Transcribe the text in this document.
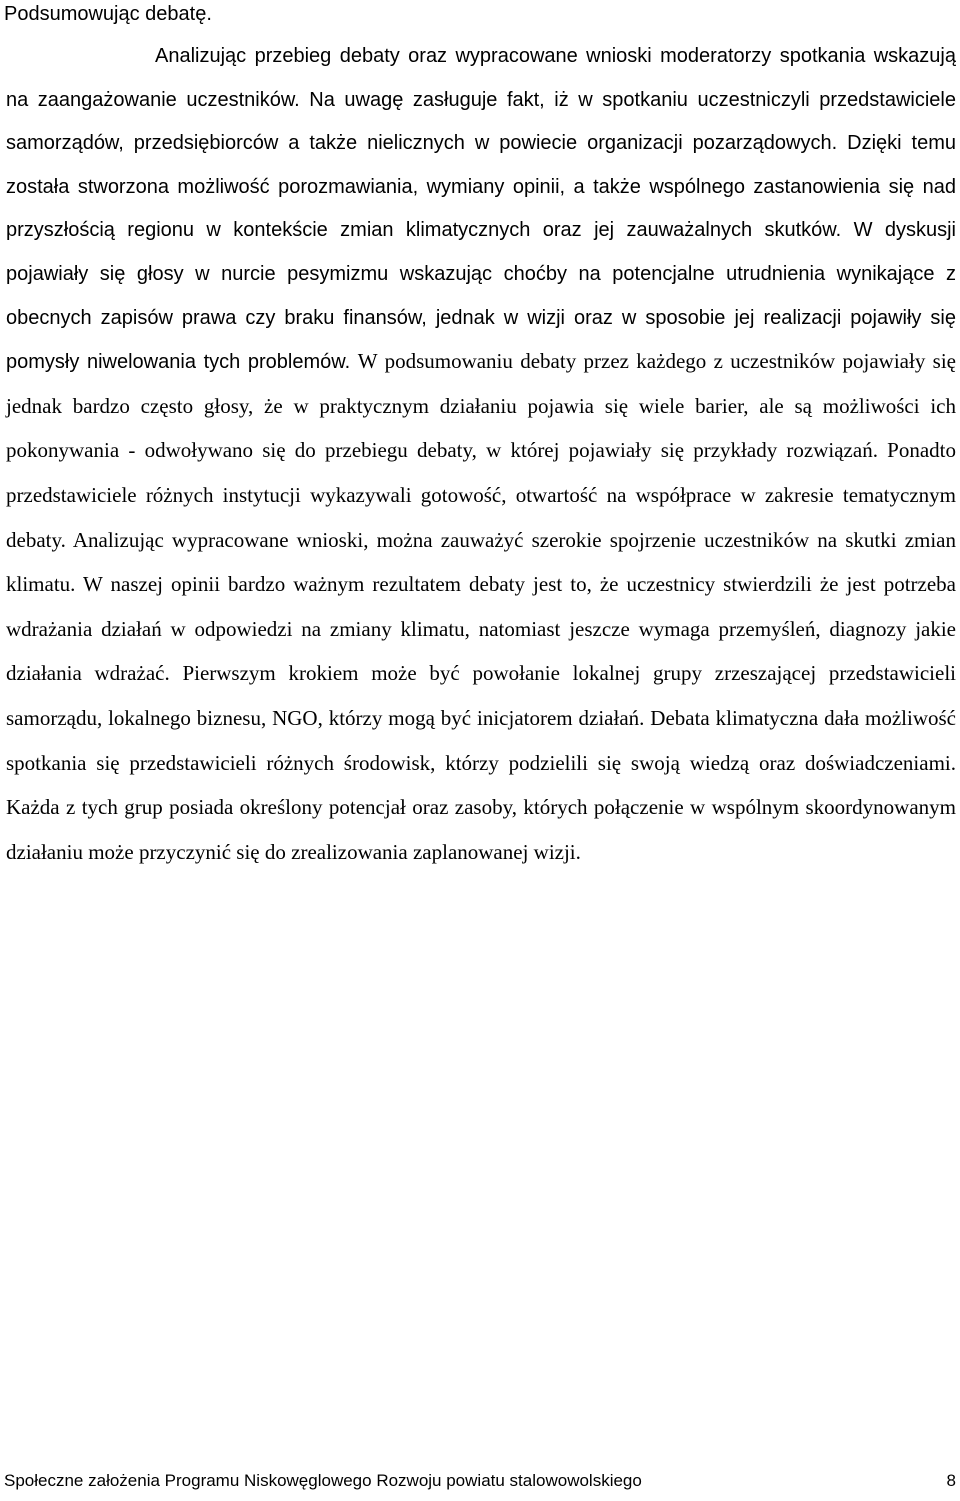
Podsumowując debatę.

Analizując przebieg debaty oraz wypracowane wnioski moderatorzy spotkania wskazują na zaangażowanie uczestników. Na uwagę zasługuje fakt, iż w spotkaniu uczestniczyli przedstawiciele samorządów, przedsiębiorców a także nielicznych w powiecie organizacji pozarządowych. Dzięki temu została stworzona możliwość porozmawiania, wymiany opinii, a także wspólnego zastanowienia się nad przyszłością regionu w kontekście zmian klimatycznych oraz jej zauważalnych skutków. W dyskusji pojawiały się głosy w nurcie pesymizmu wskazując choćby na potencjalne utrudnienia wynikające z obecnych zapisów prawa czy braku finansów, jednak w wizji oraz w sposobie jej realizacji pojawiły się pomysły niwelowania tych problemów. W podsumowaniu debaty przez każdego z uczestników pojawiały się jednak bardzo często głosy, że w praktycznym działaniu pojawia się wiele barier, ale są możliwości ich pokonywania - odwoływano się do przebiegu debaty, w której pojawiały się przykłady rozwiązań. Ponadto przedstawiciele różnych instytucji wykazywali gotowość, otwartość na współprace w zakresie tematycznym debaty. Analizując wypracowane wnioski, można zauważyć szerokie spojrzenie uczestników na skutki zmian klimatu. W naszej opinii bardzo ważnym rezultatem debaty jest to, że uczestnicy stwierdzili że jest potrzeba wdrażania działań w odpowiedzi na zmiany klimatu, natomiast jeszcze wymaga przemyśleń, diagnozy jakie działania wdrażać. Pierwszym krokiem może być powołanie lokalnej grupy zrzeszającej przedstawicieli samorządu, lokalnego biznesu, NGO, którzy mogą być inicjatorem działań. Debata klimatyczna dała możliwość spotkania się przedstawicieli różnych środowisk, którzy podzielili się swoją wiedzą oraz doświadczeniami. Każda z tych grup posiada określony potencjał oraz zasoby, których połączenie w wspólnym skoordynowanym działaniu może przyczynić się do zrealizowania zaplanowanej wizji.

Społeczne założenia Programu Niskowęglowego Rozwoju powiatu stalowowolskiego	8
